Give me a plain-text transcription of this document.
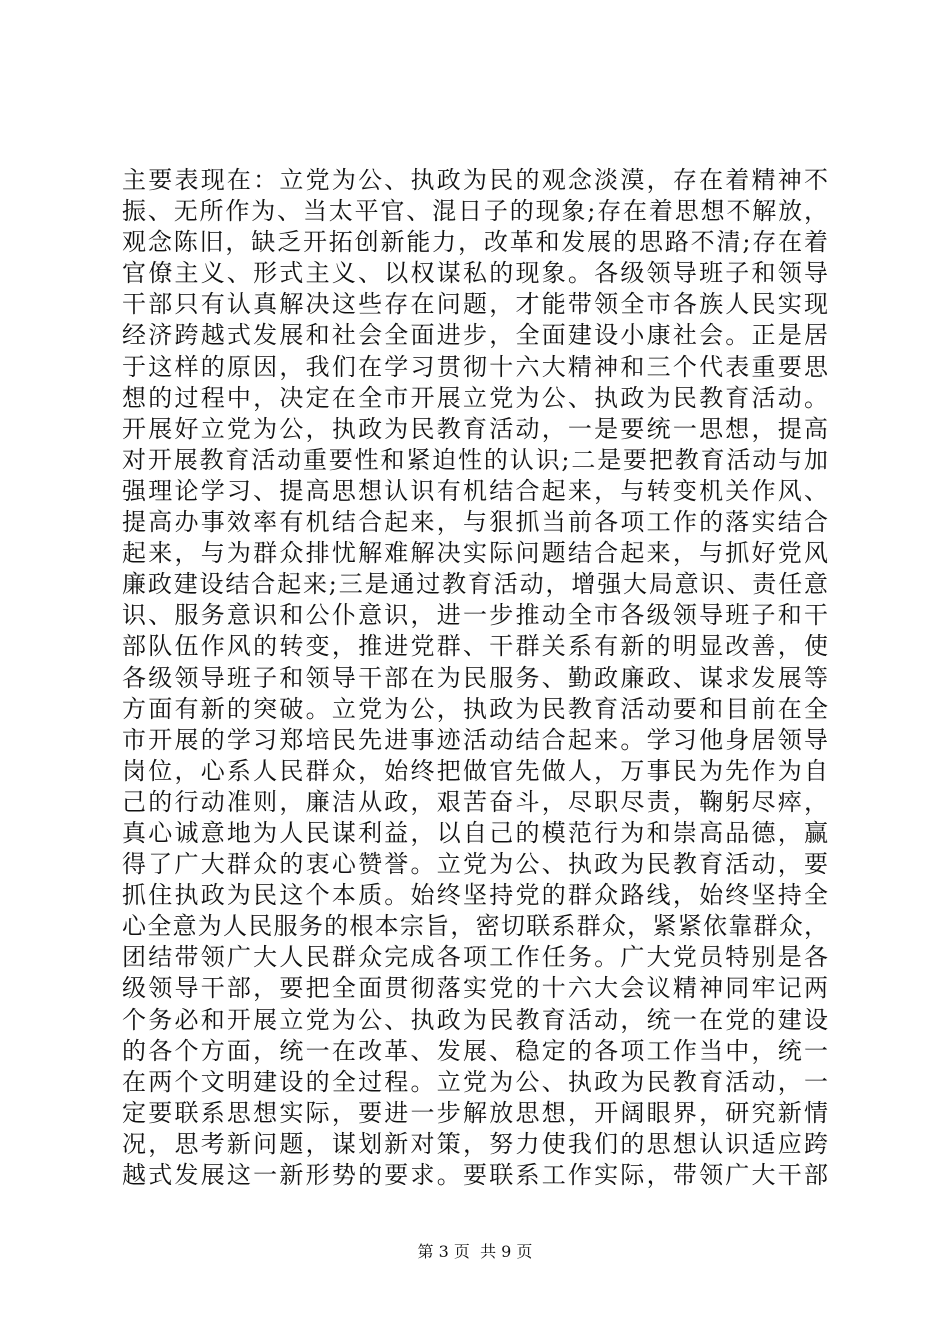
主要表现在：立党为公、执政为民的观念淡漠，存在着精神不
振、无所作为、当太平官、混日子的现象;存在着思想不解放，
观念陈旧，缺乏开拓创新能力，改革和发展的思路不清;存在着
官僚主义、形式主义、以权谋私的现象。各级领导班子和领导
干部只有认真解决这些存在问题，才能带领全市各族人民实现
经济跨越式发展和社会全面进步，全面建设小康社会。正是居
于这样的原因，我们在学习贯彻十六大精神和三个代表重要思
想的过程中，决定在全市开展立党为公、执政为民教育活动。
开展好立党为公，执政为民教育活动，一是要统一思想，提高
对开展教育活动重要性和紧迫性的认识;二是要把教育活动与加
强理论学习、提高思想认识有机结合起来，与转变机关作风、
提高办事效率有机结合起来，与狠抓当前各项工作的落实结合
起来，与为群众排忧解难解决实际问题结合起来，与抓好党风
廉政建设结合起来;三是通过教育活动，增强大局意识、责任意
识、服务意识和公仆意识，进一步推动全市各级领导班子和干
部队伍作风的转变，推进党群、干群关系有新的明显改善，使
各级领导班子和领导干部在为民服务、勤政廉政、谋求发展等
方面有新的突破。立党为公，执政为民教育活动要和目前在全
市开展的学习郑培民先进事迹活动结合起来。学习他身居领导
岗位，心系人民群众，始终把做官先做人，万事民为先作为自
己的行动准则，廉洁从政，艰苦奋斗，尽职尽责，鞠躬尽瘁，
真心诚意地为人民谋利益，以自己的模范行为和崇高品德，赢
得了广大群众的衷心赞誉。立党为公、执政为民教育活动，要
抓住执政为民这个本质。始终坚持党的群众路线，始终坚持全
心全意为人民服务的根本宗旨，密切联系群众，紧紧依靠群众，
团结带领广大人民群众完成各项工作任务。广大党员特别是各
级领导干部，要把全面贯彻落实党的十六大会议精神同牢记两
个务必和开展立党为公、执政为民教育活动，统一在党的建设
的各个方面，统一在改革、发展、稳定的各项工作当中，统一
在两个文明建设的全过程。立党为公、执政为民教育活动，一
定要联系思想实际，要进一步解放思想，开阔眼界，研究新情
况，思考新问题，谋划新对策，努力使我们的思想认识适应跨
越式发展这一新形势的要求。要联系工作实际，带领广大干部
第 3 页  共 9 页
